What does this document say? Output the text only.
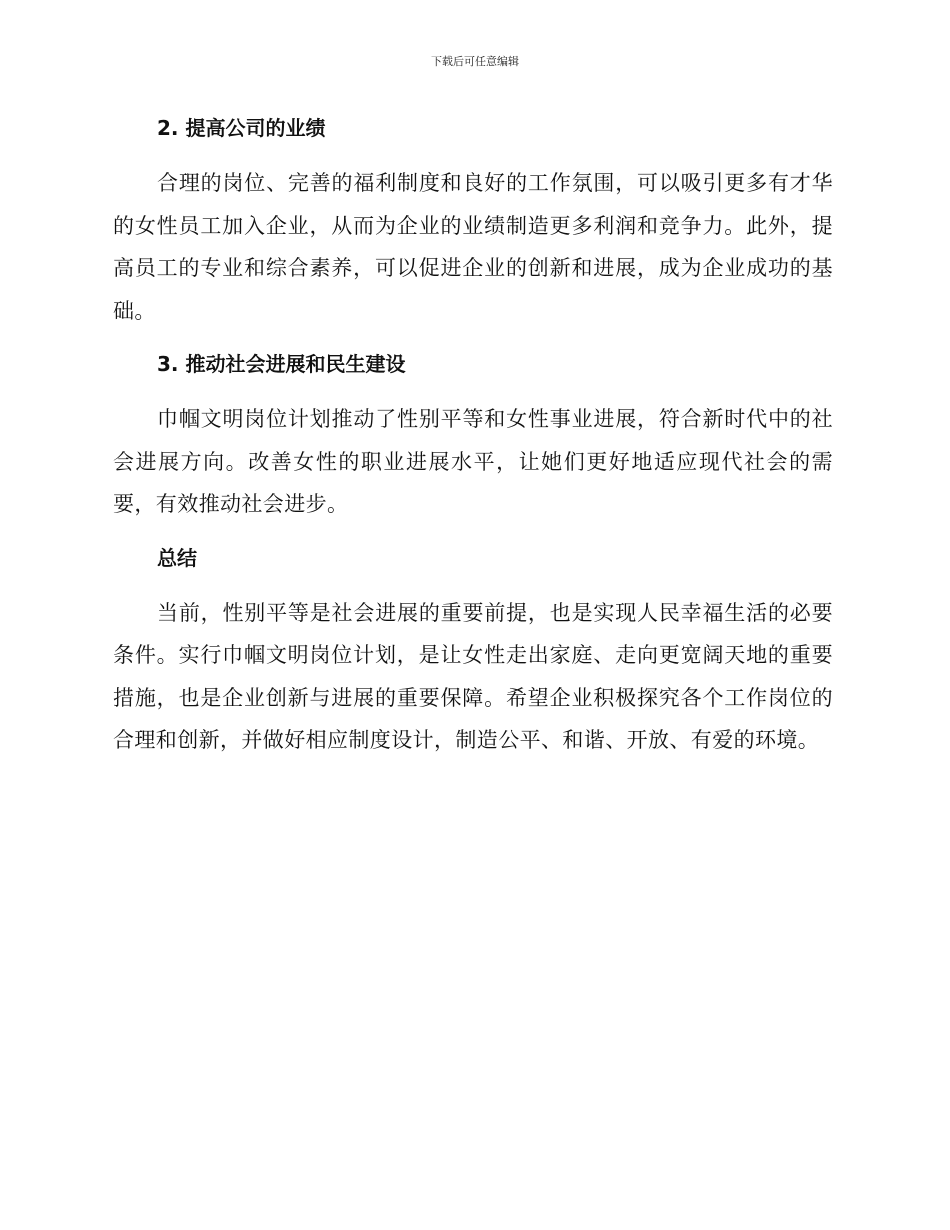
下载后可任意编辑
2. 提高公司的业绩

合理的岗位、完善的福利制度和良好的工作氛围，可以吸引更多有才华的女性员工加入企业，从而为企业的业绩制造更多利润和竞争力。此外，提高员工的专业和综合素养，可以促进企业的创新和进展，成为企业成功的基础。

3. 推动社会进展和民生建设

巾帼文明岗位计划推动了性别平等和女性事业进展，符合新时代中的社会进展方向。改善女性的职业进展水平，让她们更好地适应现代社会的需要，有效推动社会进步。

总结

当前，性别平等是社会进展的重要前提，也是实现人民幸福生活的必要条件。实行巾帼文明岗位计划，是让女性走出家庭、走向更宽阔天地的重要措施，也是企业创新与进展的重要保障。希望企业积极探究各个工作岗位的合理和创新，并做好相应制度设计，制造公平、和谐、开放、有爱的环境。
